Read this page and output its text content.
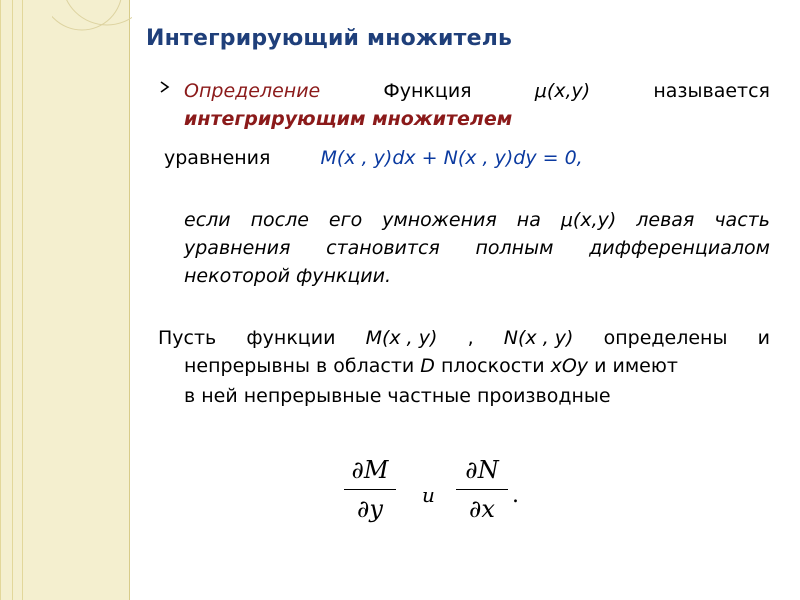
Интегрирующий множитель
Определение	Функция	μ(x,y)	называется
интегрирующим множителем
уравнения	M(x , y)dx + N(x , y)dy = 0,
если после его умножения на μ(x,y) левая часть
уравнения становится полным дифференциалом
некоторой функции.
Пусть функции M(x , y) , N(x , y) определены и
непрерывны в области D плоскости xOy и имеют
в ней непрерывные частные производные
∂M
∂y	и
∂N
∂x .
